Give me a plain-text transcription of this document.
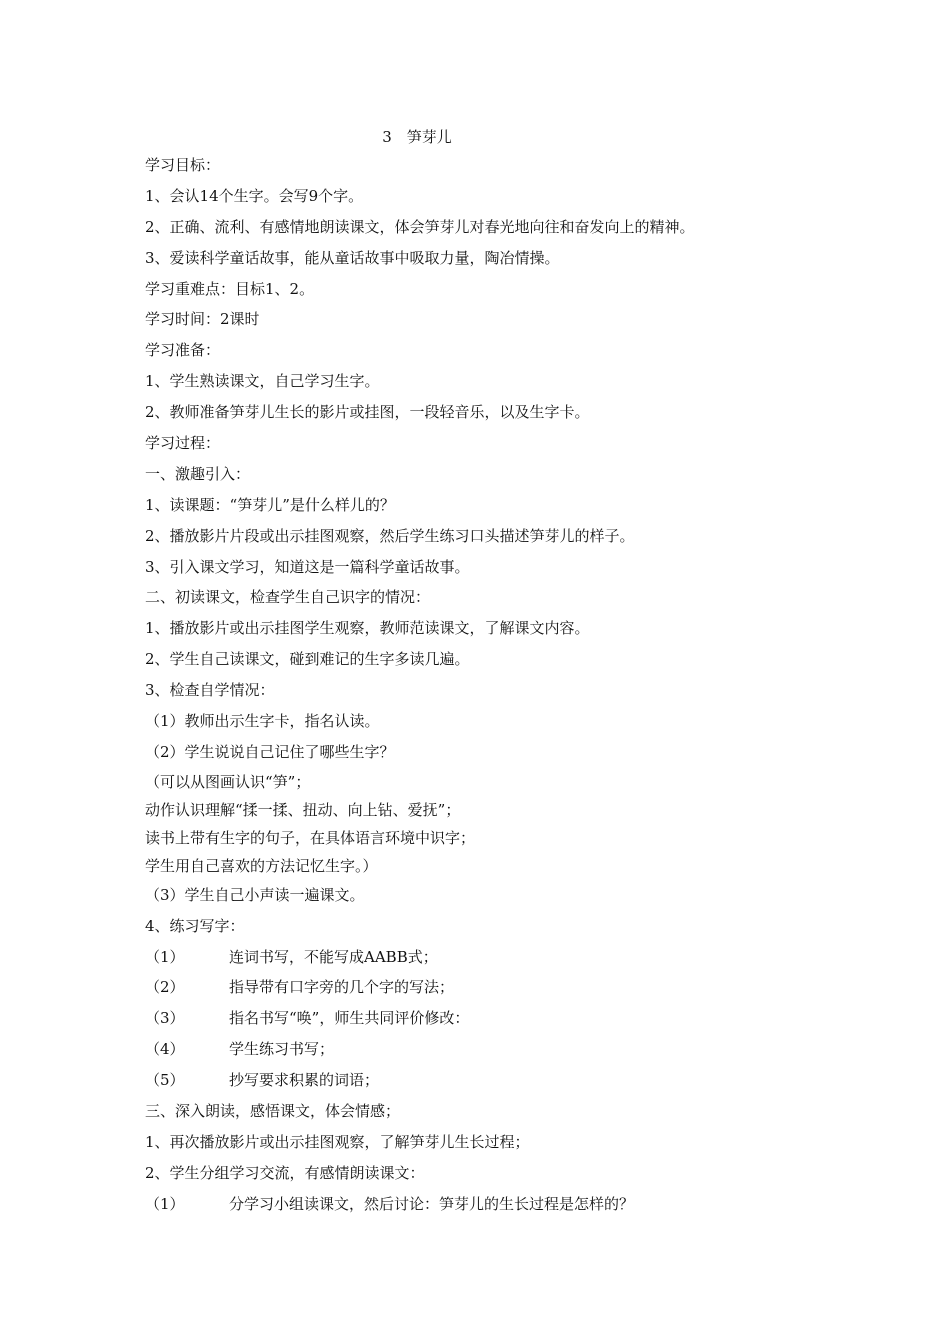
3　笋芽儿
学习目标：
1、会认14个生字。会写9个字。
2、正确、流利、有感情地朗读课文，体会笋芽儿对春光地向往和奋发向上的精神。
3、爱读科学童话故事，能从童话故事中吸取力量，陶冶情操。
学习重难点：目标1、2。
学习时间：2课时
学习准备：
1、学生熟读课文，自己学习生字。
2、教师准备笋芽儿生长的影片或挂图，一段轻音乐，以及生字卡。
学习过程：
一、激趣引入：
1、读课题：“笋芽儿”是什么样儿的？
2、播放影片片段或出示挂图观察，然后学生练习口头描述笋芽儿的样子。
3、引入课文学习，知道这是一篇科学童话故事。
二、初读课文，检查学生自己识字的情况：
1、播放影片或出示挂图学生观察，教师范读课文，了解课文内容。
2、学生自己读课文，碰到难记的生字多读几遍。
3、检查自学情况：
（1）教师出示生字卡，指名认读。
（2）学生说说自己记住了哪些生字？
（可以从图画认识“笋”；
动作认识理解“揉一揉、扭动、向上钻、爱抚”；
读书上带有生字的句子，在具体语言环境中识字；
学生用自己喜欢的方法记忆生字。）
（3）学生自己小声读一遍课文。
4、练习写字：
（1）	连词书写，不能写成AABB式；
（2）	指导带有口字旁的几个字的写法；
（3）	指名书写“唤”，师生共同评价修改：
（4）	学生练习书写；
（5）	抄写要求积累的词语；
三、深入朗读，感悟课文，体会情感；
1、再次播放影片或出示挂图观察，了解笋芽儿生长过程；
2、学生分组学习交流，有感情朗读课文：
（1）	分学习小组读课文，然后讨论：笋芽儿的生长过程是怎样的？
